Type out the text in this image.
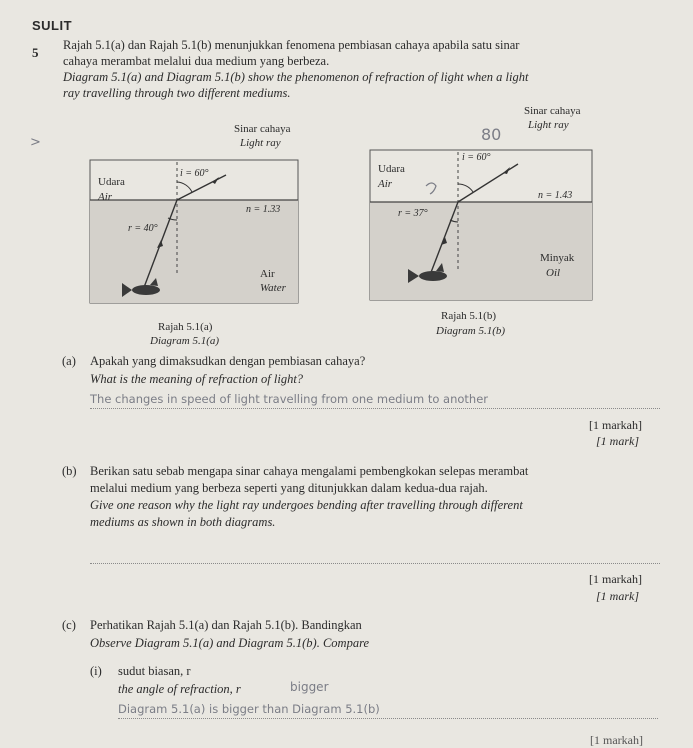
SULIT
5 Rajah 5.1(a) dan Rajah 5.1(b) menunjukkan fenomena pembiasan cahaya apabila satu sinar
cahaya merambat melalui dua medium yang berbeza.
Diagram 5.1(a) and Diagram 5.1(b) show the phenomenon of refraction of light when a light
ray travelling through two different mediums.
>
Sinar cahaya
Light ray
Udara
Air
i = 60°
n = 1.33
r = 40°
Air
Water
Rajah 5.1(a)
Diagram 5.1(a)
80
Sinar cahaya
Light ray
Udara
Air
i = 60°
n = 1.43
r = 37°
Minyak
Oil
Rajah 5.1(b)
Diagram 5.1(b)
(a) Apakah yang dimaksudkan dengan pembiasan cahaya?
What is the meaning of refraction of light?
The changes in speed of light travelling from one medium to another
[1 markah]
[1 mark]
(b) Berikan satu sebab mengapa sinar cahaya mengalami pembengkokan selepas merambat
melalui medium yang berbeza seperti yang ditunjukkan dalam kedua-dua rajah.
Give one reason why the light ray undergoes bending after travelling through different
mediums as shown in both diagrams.
[1 markah]
[1 mark]
(c) Perhatikan Rajah 5.1(a) dan Rajah 5.1(b). Bandingkan
Observe Diagram 5.1(a) and Diagram 5.1(b). Compare
(i) sudut biasan, r
the angle of refraction, r	bigger
Diagram 5.1(a) is bigger than Diagram 5.1(b)
[1 markah]
